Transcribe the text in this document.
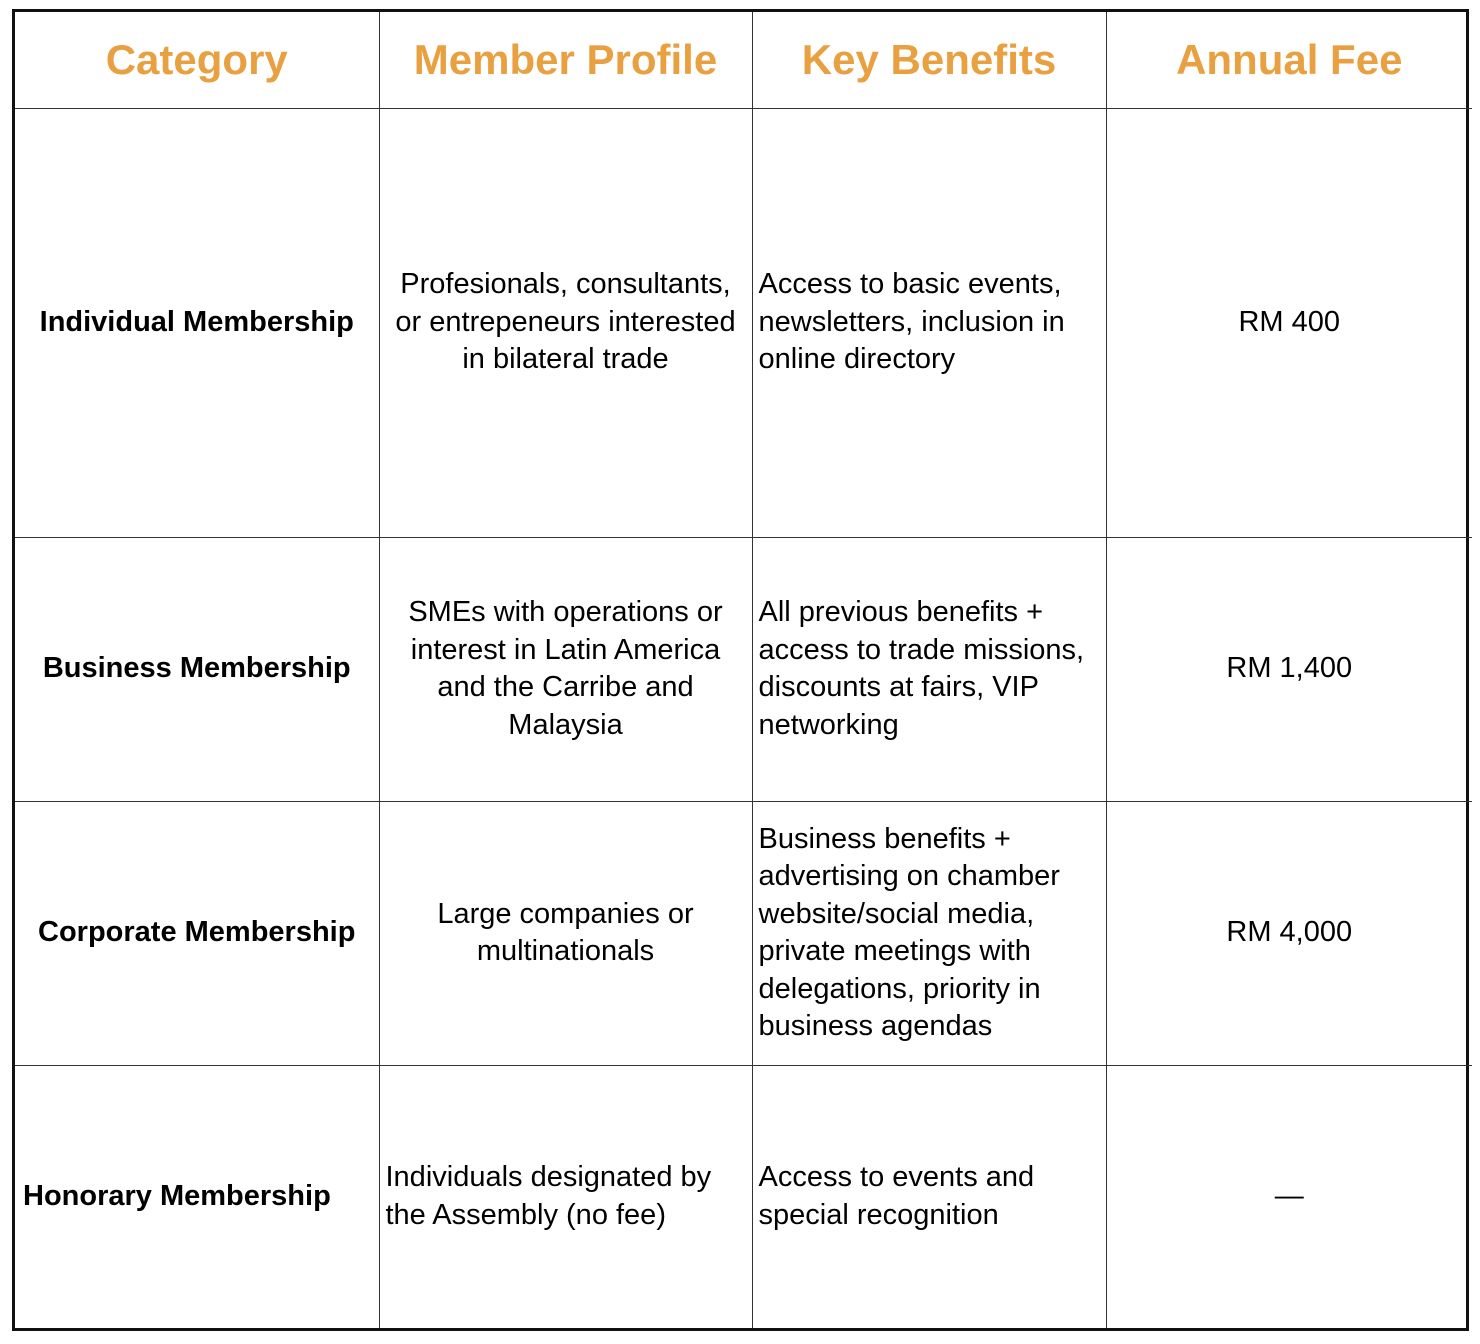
Category	Member Profile	Key Benefits	Annual Fee
Individual Membership	Profesionals, consultants, or entrepeneurs interested in bilateral trade	Access to basic events, newsletters, inclusion in online directory	RM 400
Business Membership	SMEs with operations or interest in Latin America and the Carribe and Malaysia	All previous benefits + access to trade missions, discounts at fairs, VIP networking	RM 1,400
Corporate Membership	Large companies or multinationals	Business benefits + advertising on chamber website/social media, private meetings with delegations, priority in business agendas	RM 4,000
Honorary Membership	Individuals designated by the Assembly (no fee)	Access to events and special recognition	—
